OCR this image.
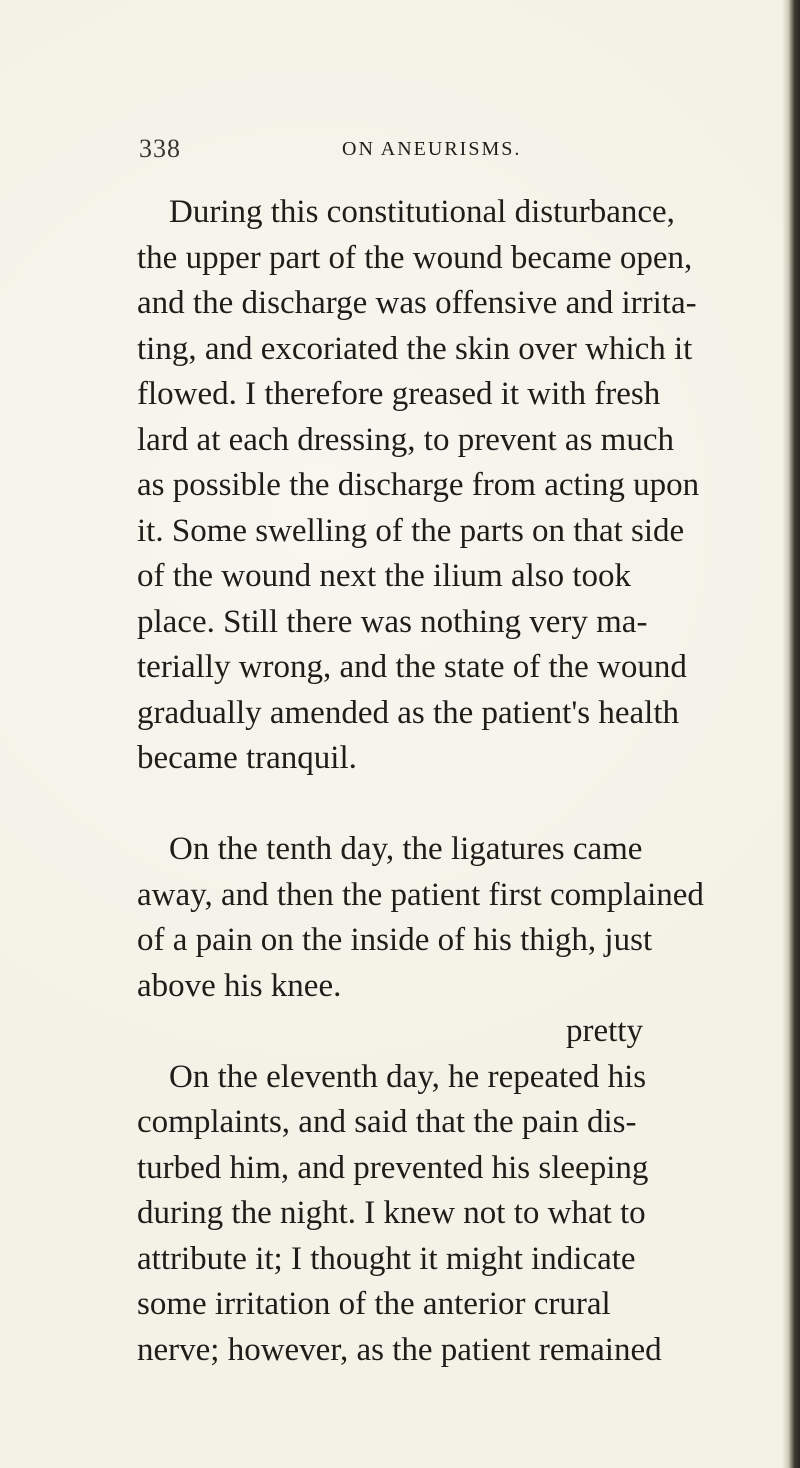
338	ON ANEURISMS.
During this constitutional disturbance,
the upper part of the wound became open,
and the discharge was offensive and irrita-
ting, and excoriated the skin over which it
flowed. I therefore greased it with fresh
lard at each dressing, to prevent as much
as possible the discharge from acting upon
it. Some swelling of the parts on that side
of the wound next the ilium also took
place. Still there was nothing very ma-
terially wrong, and the state of the wound
gradually amended as the patient's health
became tranquil.
On the tenth day, the ligatures came
away, and then the patient first complained
of a pain on the inside of his thigh, just
above his knee.
On the eleventh day, he repeated his
complaints, and said that the pain dis-
turbed him, and prevented his sleeping
during the night. I knew not to what to
attribute it; I thought it might indicate
some irritation of the anterior crural
nerve; however, as the patient remained
pretty
